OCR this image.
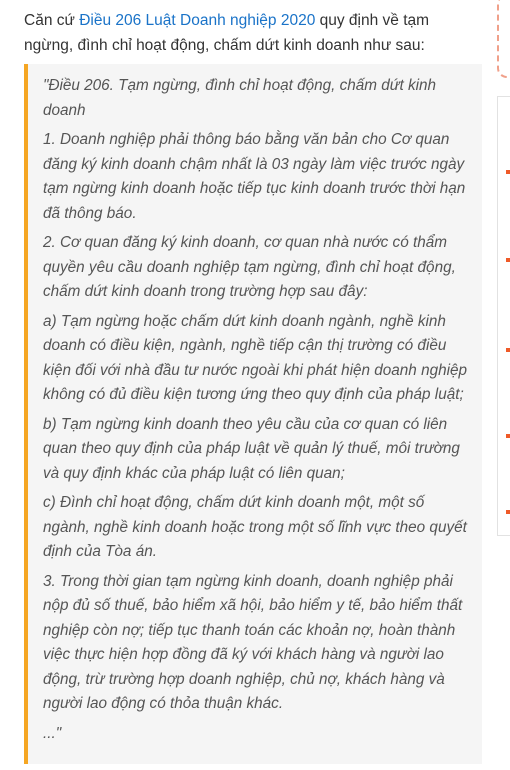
Căn cứ Điều 206 Luật Doanh nghiệp 2020 quy định về tạm ngừng, đình chỉ hoạt động, chấm dứt kinh doanh như sau:

"Điều 206. Tạm ngừng, đình chỉ hoạt động, chấm dứt kinh doanh

1. Doanh nghiệp phải thông báo bằng văn bản cho Cơ quan đăng ký kinh doanh chậm nhất là 03 ngày làm việc trước ngày tạm ngừng kinh doanh hoặc tiếp tục kinh doanh trước thời hạn đã thông báo.

2. Cơ quan đăng ký kinh doanh, cơ quan nhà nước có thẩm quyền yêu cầu doanh nghiệp tạm ngừng, đình chỉ hoạt động, chấm dứt kinh doanh trong trường hợp sau đây:

a) Tạm ngừng hoặc chấm dứt kinh doanh ngành, nghề kinh doanh có điều kiện, ngành, nghề tiếp cận thị trường có điều kiện đối với nhà đầu tư nước ngoài khi phát hiện doanh nghiệp không có đủ điều kiện tương ứng theo quy định của pháp luật;

b) Tạm ngừng kinh doanh theo yêu cầu của cơ quan có liên quan theo quy định của pháp luật về quản lý thuế, môi trường và quy định khác của pháp luật có liên quan;

c) Đình chỉ hoạt động, chấm dứt kinh doanh một, một số ngành, nghề kinh doanh hoặc trong một số lĩnh vực theo quyết định của Tòa án.

3. Trong thời gian tạm ngừng kinh doanh, doanh nghiệp phải nộp đủ số thuế, bảo hiểm xã hội, bảo hiểm y tế, bảo hiểm thất nghiệp còn nợ; tiếp tục thanh toán các khoản nợ, hoàn thành việc thực hiện hợp đồng đã ký với khách hàng và người lao động, trừ trường hợp doanh nghiệp, chủ nợ, khách hàng và người lao động có thỏa thuận khác.

..."
